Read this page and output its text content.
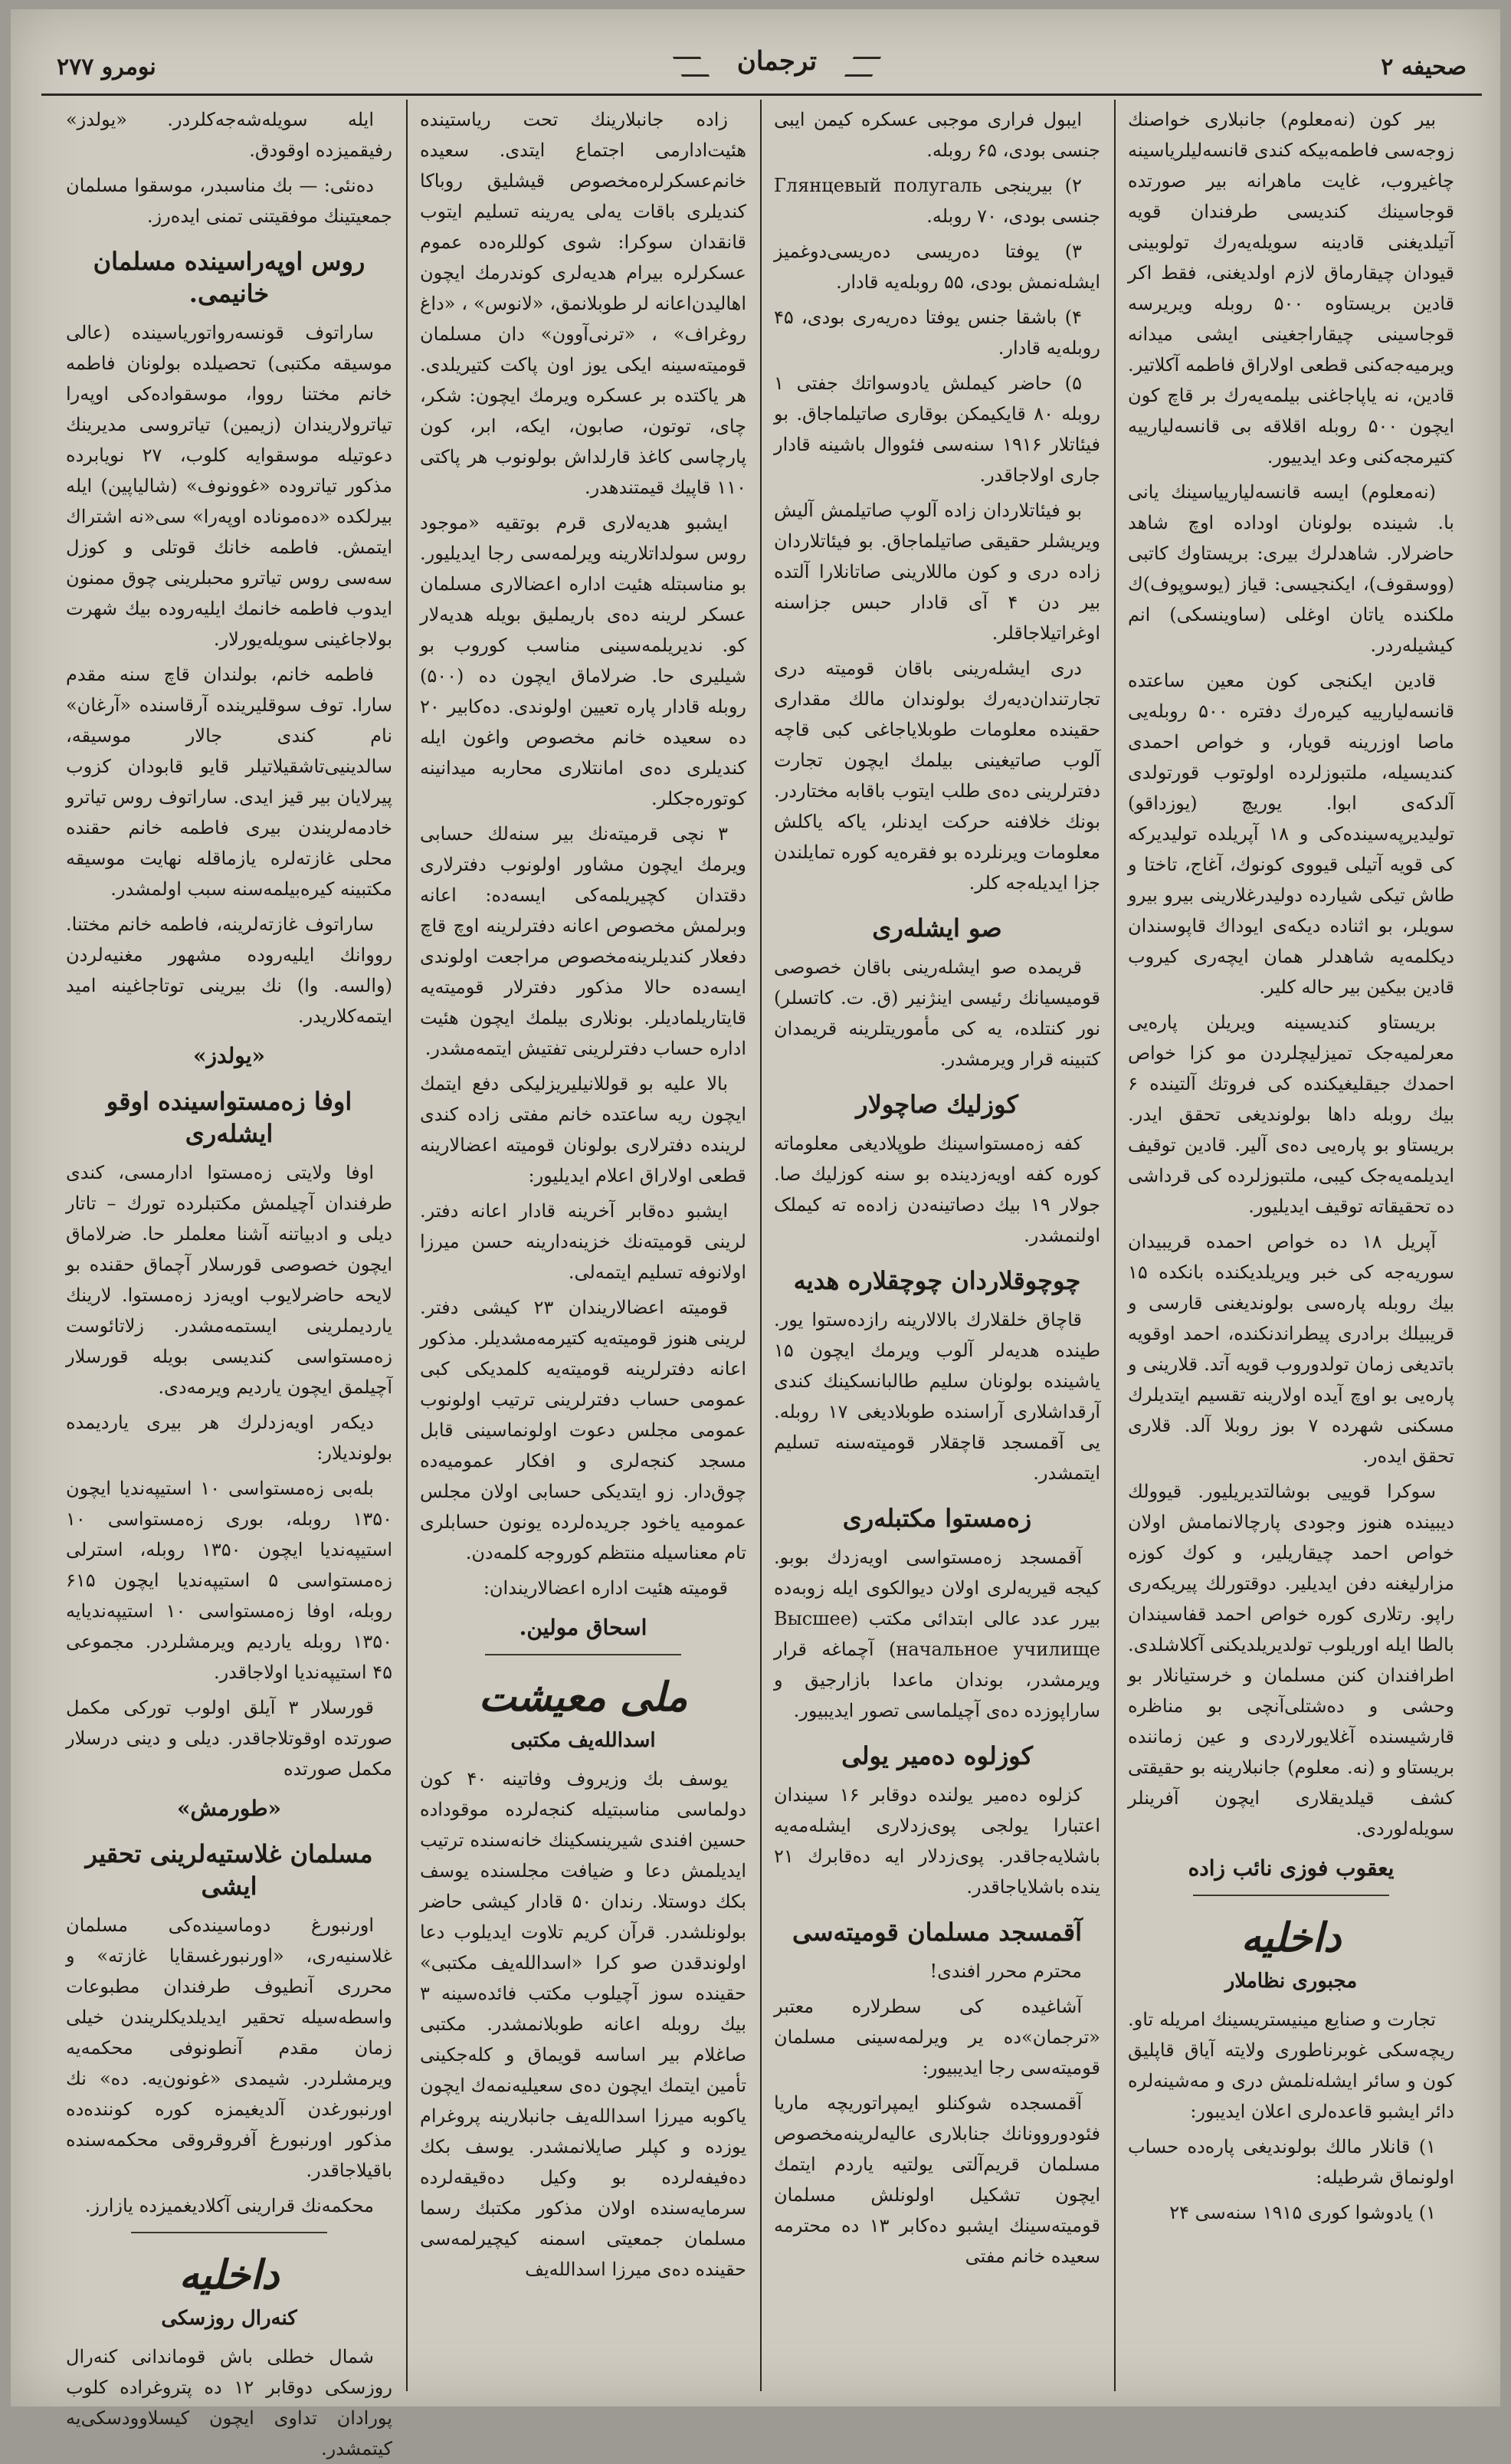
نومرو ۲۷۷	ترجمان	صحیفه ۲

بیر کون (نه‌معلوم) جانبلاری خواصنك زوجه‌سی فاطمه‌بیکه کندی قانسه‌لیلریاسینه چاغیروب، غایت ماهرانه بیر صورتده قوجاسینك کندیسی طرفندان قویه آتیلدیغنی قادینه سویله‌یه‌رك تولوبینی قیودان چیقارماق لازم اولدیغنی، فقط اکر قادین بریستاوه ۵۰۰ روبله ویریرسه قوجاسینی چیقاراجغینی ایشی میدانه ویرمیه‌جه‌کنی قطعی اولاراق فاطمه آکلاتیر. قادین، نه یاپاجاغنی بیلمه‌یه‌رك بر قاچ کون ایچون ۵۰۰ روبله اقلاقه بی قانسه‌لیارییه کتیرمجه‌کنی وعد ایدییور.

(نه‌معلوم) ایسه قانسه‌لیارییاسینك یانی با. شینده بولونان اوداده اوچ شاهد حاضرلار. شاهدلرك بیری: بریستاوك کاتبی (ووسقوف)، ایکنجیسی: قیاز (یوسوپوف)ك ملکنده یاتان اوغلی (ساوینسکی) انم کیشیله‌ردر.

قادین ایکنجی کون معین ساعتده قانسه‌لیارییه کیره‌رك دفتره ۵۰۰ روبله‌یی ماصا اوزرینه قویار، و خواص احمدی کندیسیله، ملتبوزلرده اولوتوب قورتولدی آلدکه‌ی ابوا. یوریچ (یوزداقو) تولیدیرپه‌سینده‌کی و ۱۸ آپریلده تولیدیرکه کی قویه آتیلی قیووی کونوك، آغاج، تاختا و طاش تیکی شیارده دولیدرغلارینی بیرو بیرو سویلر، بو اثناده دیکه‌ی ایوداك قاپوسندان دیکلمه‌یه شاهدلر همان ایچه‌ری کیروب قادین بیکین بیر حاله کلیر.

بریستاو کندیسینه ویریلن پاره‌یی معرلمیه‌جک تمیزلیچلردن مو کزا خواص احمدك جیقلیغیکنده کی فروتك آلتینده ۶ بیك روبله داها بولوندیغی تحقق ایدر. بریستاو بو پاره‌یی ده‌ی آلیر. قادین توقیف ایدیلمه‌یه‌جک کیبی، ملتبوزلرده کی قرداشی ده تحقیقاته توقیف ایدیلیور.

آپریل ۱۸ ده خواص احمده قریبیدان سوریه‌جه کی خبر ویریلدیکنده بانکده ۱۵ بیك روبله پاره‌سی بولوندیغنی قارسی و قریبیلك برادری پیطراندنکنده، احمد اوقویه باتدیغی زمان تولدوروب قویه آتد. قلارینی و پاره‌یی بو اوچ آیده اولارینه تقسیم ایتدیلرك مسکنی شهرده ۷ بوز روبلا آلد. قلاری تحقق ایده‌ر.

سوکرا قوییی بوشالتدیریلیور. قیوولك دیبینده هنوز وجودی پارچالانمامش اولان خواص احمد چیقاریلیر، و کوك کوزه مزارلیغنه دفن ایدیلیر. دوقتورلك پیریکه‌ری راپو. رتلاری کوره خواص احمد قفاسیندان بالطا ایله اوریلوب تولدیریلدیکنی آکلاشلدی. اطرافندان کنن مسلمان و خرستیانلار بو وحشی و ده‌شتلی‌آنچی بو مناظره قارشیسنده آغلایورلاردی و عین زماننده بریستاو و (نه. معلوم) جانبلارینه بو حقیقتی کشف قیلدیقلاری ایچون آفرینلر سویله‌لوردی.

یعقوب فوزی نائب زاده
داخلیه
مجبوری نظاملار

تجارت و صنایع مینیستریسینك امریله تاو. ریچه‌سکی غوبرناطوری ولایته آیاق قاپلیق کون و سائر ایشله‌نلمش دری و مه‌شینه‌لره دائر ایشبو قاعده‌لری اعلان ایدیبور:

۱) قانلار مالك بولوندیغی پاره‌ده حساب اولونماق شرطیله:

۱) یادوشوا کوری ۱۹۱۵ سنه‌سی ۲۴

ایبول فراری موجبی عسکره کیمن ایبی جنسی بودی، ۶۵ روبله.

۲) بیرینجی Глянцевый полугаль جنسی بودی، ۷۰ روبله.

۳) یوفتا ده‌ریسی ده‌ریسی‌دوغمیز ایشله‌نمش بودی، ۵۵ روبله‌یه قادار.

۴) باشقا جنس یوفتا ده‌ریه‌ری بودی، ۴۵ روبله‌یه قادار.

۵) حاضر کیملش یادوسواتك جفتی ۱ روبله ۸۰ قایکیمکن بوقاری صاتیلماجاق. بو فیئاتلار ۱۹۱۶ سنه‌سی فئووال باشینه قادار جاری اولاجاقدر.

بو فیئاتلاردان زاده آلوپ صاتیلمش آلیش ویریشلر حقیقی صاتیلماجاق. بو فیئاتلاردان زاده دری و کون ماللارینی صاتانلارا آلتده بیر دن ۴ آی قادار حبس جزاسنه اوغراتیلاجاقلر.

دری ایشله‌رینی باقان قومیته دری تجارتندان‌دیه‌رك بولوندان مالك مقداری حقینده معلومات طوبلایاجاغی کبی قاچه آلوب صاتیغینی بیلمك ایچون تجارت دفترلرینی ده‌ی طلب ایتوب باقابه مختاردر. بونك خلافنه حرکت ایدنلر، یاکه یاکلش معلومات ویرنلرده بو فقره‌یه کوره تمایلندن جزا ایدیله‌جه کلر.

صو ایشله‌ری

قریمده صو ایشله‌رینی باقان خصوصی قومیسیانك رئیسی اینژنیر (ق. ت. کاتسلر) نور کنتلده، یه کی مأموریتلرینه قریمدان کتبینه قرار ویرمشدر.

کوزلیك صاچولار

کفه زه‌مستواسینك طوپلادیغی معلوماته کوره کفه اویه‌زدینده بو سنه کوزلیك صا. جولار ۱۹ بیك دصاتینه‌دن زاده‌ه ته کیملک اولنمشدر.

چوچوقلاردان چوچقلاره هدیه

قاچاق خلقلارك بالالارینه رازده‌ستوا یور. طینده هدیه‌لر آلوب ویرمك ایچون ۱۵ یاشینده بولونان سلیم طالبانسکینك کندی آرقداشلاری آراسنده طوبلادیغی ۱۷ روبله. یی آقمسجد قاچقلار قومیته‌سنه تسلیم ایتمشدر.

زه‌مستوا مکتبله‌ری

آقمسجد زه‌مستواسی اویه‌زدك بوبو. کیجه قیریه‌لری اولان دیوالکوی ایله زوبه‌ده بیرر عدد عالی ابتدائی مکتب (Высшее начальное училище) آچماغه قرار ویرمشدر، بوندان ماعدا بازارجیق و ساراپوزده ده‌ی آچیلماسی تصور ایدیبیور.

کوزلوه ده‌میر یولی

کزلوه ده‌میر یولنده دوقابر ۱۶ سیندان اعتبارا یولجی پوی‌زدلاری ایشله‌مه‌یه باشلایه‌جاقدر. پوی‌زدلار ایه ده‌قابرك ۲۱ ینده باشلایاجاقدر.

آقمسجد مسلمان قومیته‌سی

محترم محرر افندی!

آشاغیده کی سطرلاره معتبر «ترجمان»ده یر ویرلمه‌سینی مسلمان قومیته‌سی رجا ایدیبیور:

آقمسجده شوکنلو ایمپراتوریچه ماریا فئودوروونانك جنابلاری عالیه‌لرینه‌مخصوص مسلمان قریم‌آلتی یولتیه یاردم ایتمك ایچون تشکیل اولونلش مسلمان قومیته‌سینك ایشبو ده‌کابر ۱۳ ده محترمه سعیده خانم مفتی

زاده جانبلارینك تحت ریاستینده هئیت‌ادارمی اجتماع ایتدی. سعیده خانم‌عسکرلره‌مخصوص قیشلیق روباکا کندیلری باقات یه‌لی یه‌رینه تسلیم ایتوب قانقدان سوکرا: شوی کوللره‌ده عموم عسکرلره بیرام هدیه‌لری کوندرمك ایچون اهالیدن‌اعانه لر طوبلانمق، «لانوس» ، «داغ روغراف» ، «ترنی‌آوون» دان مسلمان قومیته‌سینه ایکی یوز اون پاکت کتیریلدی. هر یاکتده بر عسکره ویرمك ایچون: شکر، چای، توتون، صابون، ایکه، ابر، کون پارچاسی کاغذ قارلداش بولونوب هر پاکتی ۱۱۰ قاپیك قیمتندهدر.

ایشبو هدیه‌لاری قرم بوتقیه «موجود روس سولداتلارینه ویرلمه‌سی رجا ایدیلیور. بو مناسبتله هئیت اداره اعضالاری مسلمان عسکر لرینه ده‌ی باریملیق بویله هدیه‌لار کو. ندیریلمه‌سینی مناسب کوروب بو شیلیری حا. ضرلاماق ایچون ده (۵۰۰) روبله قادار پاره تعیین اولوندی. ده‌کابیر ۲۰ ده سعیده خانم مخصوص واغون ایله کندیلری ده‌ی امانتلاری محاربه میدانینه کوتوره‌جکلر.

۳ نچی قرمیته‌نك بیر سنه‌لك حسابی ویرمك ایچون مشاور اولونوب دفترلاری دقتدان کچیریلمه‌کی ایسه‌ده: اعانه وبرلمش مخصوص اعانه دفترلرینه اوچ قاچ دفعلار کندیلرینه‌مخصوص مراجعت اولوندی ایسه‌ده حالا مذکور دفترلار قومیته‌یه قایتاریلمادیلر. بونلاری بیلمك ایچون هئیت اداره حساب دفترلرینی تفتیش ایتمه‌مشدر.

بالا علیه بو قوللانیلیریزلیکی دفع ایتمك ایچون ریه ساعتده خانم مفتی زاده کندی لرینده دفترلاری بولونان قومیته اعضالارینه قطعی اولاراق اعلام ایدیلیور:

ایشبو ده‌قابر آخرینه قادار اعانه دفتر. لرینی قومیته‌نك خزینه‌دارینه حسن میرزا اولانوفه تسلیم ایتمه‌لی.

قومیته اعضالاریندان ۲۳ کیشی دفتر. لرینی هنوز قومیته‌یه کتیرمه‌مشدیلر. مذکور اعانه دفترلرینه قومیته‌یه کلمدیکی کبی عمومی حساب دفترلرینی ترتیب اولونوب عمومی مجلس دعوت اولونماسینی قابل مسجد کنجه‌لری و افکار عمومیه‌ده چوق‌دار. زو ایتدیکی حسابی اولان مجلس عمومیه یاخود جریده‌لرده یونون حسابلری تام معناسیله منتظم کوروجه کلمه‌دن.

قومیته هئیت اداره اعضالاریندان:

اسحاق مولین.
ملی معیشت
اسدالله‌یف مکتبی

یوسف بك وزیروف وفاتینه ۴۰ کون دولماسی مناسبتیله کنجه‌لرده موقوداده حسین افندی شیرینسکینك خانه‌سنده ترتیب ایدیلمش دعا و ضیافت مجلسنده یوسف بکك دوستلا. رندان ۵۰ قادار کیشی حاضر بولونلشدر. قرآن کریم تلاوت ایدیلوب دعا اولوندقدن صو کرا «اسدالله‌یف مکتبی» حقینده سوز آچیلوب مکتب فائده‌سینه ۳ بیك روبله اعانه طوبلانمشدر. مکتبی صاغلام بیر اساسه قویماق و کله‌جکینی تأمین ایتمك ایچون ده‌ی سعیلیه‌نمه‌ك ایچون یاکوبه میرزا اسدالله‌یف جانبلارینه پروغرام یوزده و کپلر صایلانمشدر. یوسف بکك ده‌فیفه‌لرده بو وکیل ده‌قیقه‌لرده سرمایه‌سنده اولان مذکور مکتبك رسما مسلمان جمعیتی اسمنه کیچیرلمه‌سی حقینده ده‌ی میرزا اسدالله‌یف

ایله سویله‌شه‌جه‌کلردر. «یولدز» رفیقمیزده اوقودق.

ده‌نئی: — بك مناسبدر، موسقوا مسلمان جمعیتینك موفقیتنی تمنی ایده‌رز.

روس اوپه‌راسینده مسلمان خانیمی.

ساراتوف قونسه‌رواتوریاسینده (عالی موسیقه مکتبی) تحصیلده بولونان فاطمه خانم مختنا رووا، موسقواده‌کی اوپه‌را تیاترولاریندان (زیمین) تیاتروسی مدیرینك دعوتیله موسقوایه کلوب، ۲۷ نویابرده مذکور تیاتروده «غوونوف» (شالیاپین) ایله بیرلکده «ده‌موناده اوپه‌را» سی«نه اشتراك ایتمش. فاطمه خانك قوتلی و کوزل سه‌سی روس تیاترو محبلرینی چوق ممنون ایدوب فاطمه خانمك ایلیه‌روده بیك شهرت بولاجاغینی سویله‌یورلار.

فاطمه خانم، بولندان قاچ سنه مقدم سارا. توف سوقلیرینده آرقاسنده «آرغان» نام کندی جالار موسیقه، سالدینیی‌تاشقیلاتیلر قایو قابودان کزوب پیرلایان بیر قیز ایدی. ساراتوف روس تیاترو خادمه‌لریندن بیری فاطمه خانم حقنده محلی غازته‌لره یازماقله نهایت موسیقه مکتبینه کیره‌بیلمه‌سنه سبب اولمشدر.

ساراتوف غازته‌لرینه، فاطمه خانم مختنا. رووانك ایلیه‌روده مشهور مغنیه‌لردن (والسه. وا) نك بیرینی توتاجاغینه امید ایتمه‌کلاریدر.

«یولدز»
اوفا زه‌مستواسینده اوقو ایشله‌ری

اوفا ولایتی زه‌مستوا ادارمسی، کندی طرفندان آچیلمش مکتبلرده تورك – تاتار دیلی و ادبیاتنه آشنا معلملر حا. ضرلاماق ایچون خصوصی قورسلار آچماق حقنده بو لایحه حاضرلایوب اویه‌زد زه‌مستوا. لارینك یاردیملرینی ایستمه‌مشدر. زلاتائوست زه‌مستواسی کندیسی بویله قورسلار آچیلمق ایچون یاردیم ویرمه‌دی.

دیکه‌ر اویه‌زدلرك هر بیری یاردیمده بولوندیلار:

بله‌بی زه‌مستواسی ۱۰ استیپه‌ندیا ایچون ۱۳۵۰ روبله، بوری زه‌مستواسی ۱۰ استیپه‌ندیا ایچون ۱۳۵۰ روبله، استرلی زه‌مستواسی ۵ استیپه‌ندیا ایچون ۶۱۵ روبله، اوفا زه‌مستواسی ۱۰ استیپه‌ندیایه ۱۳۵۰ روبله یاردیم ویرمشلردر. مجموعی ۴۵ استیپه‌ندیا اولاجاقدر.

قورسلار ۳ آیلق اولوب تورکی مکمل صورتده اوقوتلاجاقدر. دیلی و دینی درسلار مکمل صورتده

«طورمش»
مسلمان غلاستیه‌لرینی تحقیر ایشی

اورنبورغ دوماسینده‌کی مسلمان غلاسنیه‌ری، «اورنبورغسقایا غازته» و محرری آنطیوف طرفندان مطبوعات واسطه‌سیله تحقیر ایدیلدیکلریندن خیلی زمان مقدم آنطونوفی محکمه‌یه ویرمشلردر. شیمدی «غونون‌یه. ده» نك اورنبورغدن آلدیغیمزه کوره کوننده‌ده مذکور اورنبورغ آفروقروقی محکمه‌سنده باقیلاجاقدر.

محکمه‌نك قرارینی آکلادیغمیزده یازارز.

داخلیه
کنه‌رال روزسکی

شمال خطلی باش قوماندانی کنه‌رال روزسکی دوقابر ۱۲ ده پتروغراده کلوب پورادان تداوی ایچون کیسلاوودسکی‌یه کیتمشدر.
